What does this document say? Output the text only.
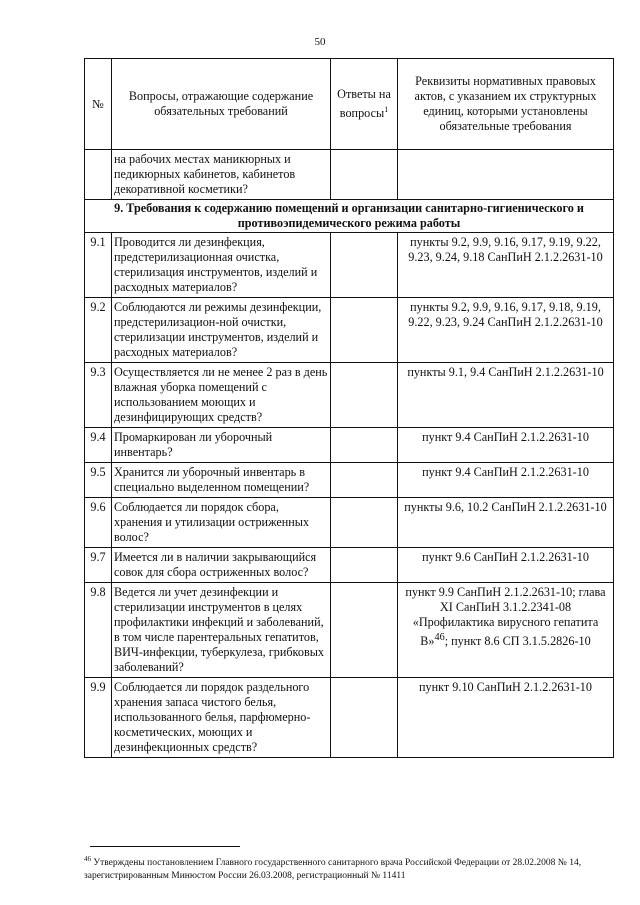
50
№	Вопросы, отражающие содержание обязательных требований	Ответы на вопросы$^1$	Реквизиты нормативных правовых актов, с указанием их структурных единиц, которыми установлены обязательные требования
	на рабочих местах маникюрных и педикюрных кабинетов, кабинетов декоративной косметики?		
9. Требования к содержанию помещений и организации санитарно-гигиенического и противоэпидемического режима работы			
9.1	Проводится ли дезинфекция, предстерилизационная очистка, стерилизация инструментов, изделий и расходных материалов?		пункты 9.2, 9.9, 9.16, 9.17, 9.19, 9.22, 9.23, 9.24, 9.18 СанПиН 2.1.2.2631-10
9.2	Соблюдаются ли режимы дезинфекции, предстерилизацион-ной очистки, стерилизации инструментов, изделий и расходных материалов?		пункты 9.2, 9.9, 9.16, 9.17, 9.18, 9.19, 9.22, 9.23, 9.24 СанПиН 2.1.2.2631-10
9.3	Осуществляется ли не менее 2 раз в день влажная уборка помещений с использованием моющих и дезинфицирующих средств?		пункты 9.1, 9.4 СанПиН 2.1.2.2631-10
9.4	Промаркирован ли уборочный инвентарь?		пункт 9.4 СанПиН 2.1.2.2631-10
9.5	Хранится ли уборочный инвентарь в специально выделенном помещении?		пункт 9.4 СанПиН 2.1.2.2631-10
9.6	Соблюдается ли порядок сбора, хранения и утилизации остриженных волос?		пункты 9.6, 10.2 СанПиН 2.1.2.2631-10
9.7	Имеется ли в наличии закрывающийся совок для сбора остриженных волос?		пункт 9.6 СанПиН 2.1.2.2631-10
9.8	Ведется ли учет дезинфекции и стерилизации инструментов в целях профилактики инфекций и заболеваний, в том числе парентеральных гепатитов, ВИЧ-инфекции, туберкулеза, грибковых заболеваний?		пункт 9.9 СанПиН 2.1.2.2631-10; глава XI СанПиН 3.1.2.2341-08 «Профилактика вирусного гепатита В»$^{46}$; пункт 8.6 СП 3.1.5.2826-10
9.9	Соблюдается ли порядок раздельного хранения запаса чистого белья, использованного белья, парфюмерно-косметических, моющих и дезинфекционных средств?		пункт 9.10 СанПиН 2.1.2.2631-10
$^{46}$ Утверждены постановлением Главного государственного санитарного врача Российской Федерации от 28.02.2008 № 14, зарегистрированным Минюстом России 26.03.2008, регистрационный № 11411
